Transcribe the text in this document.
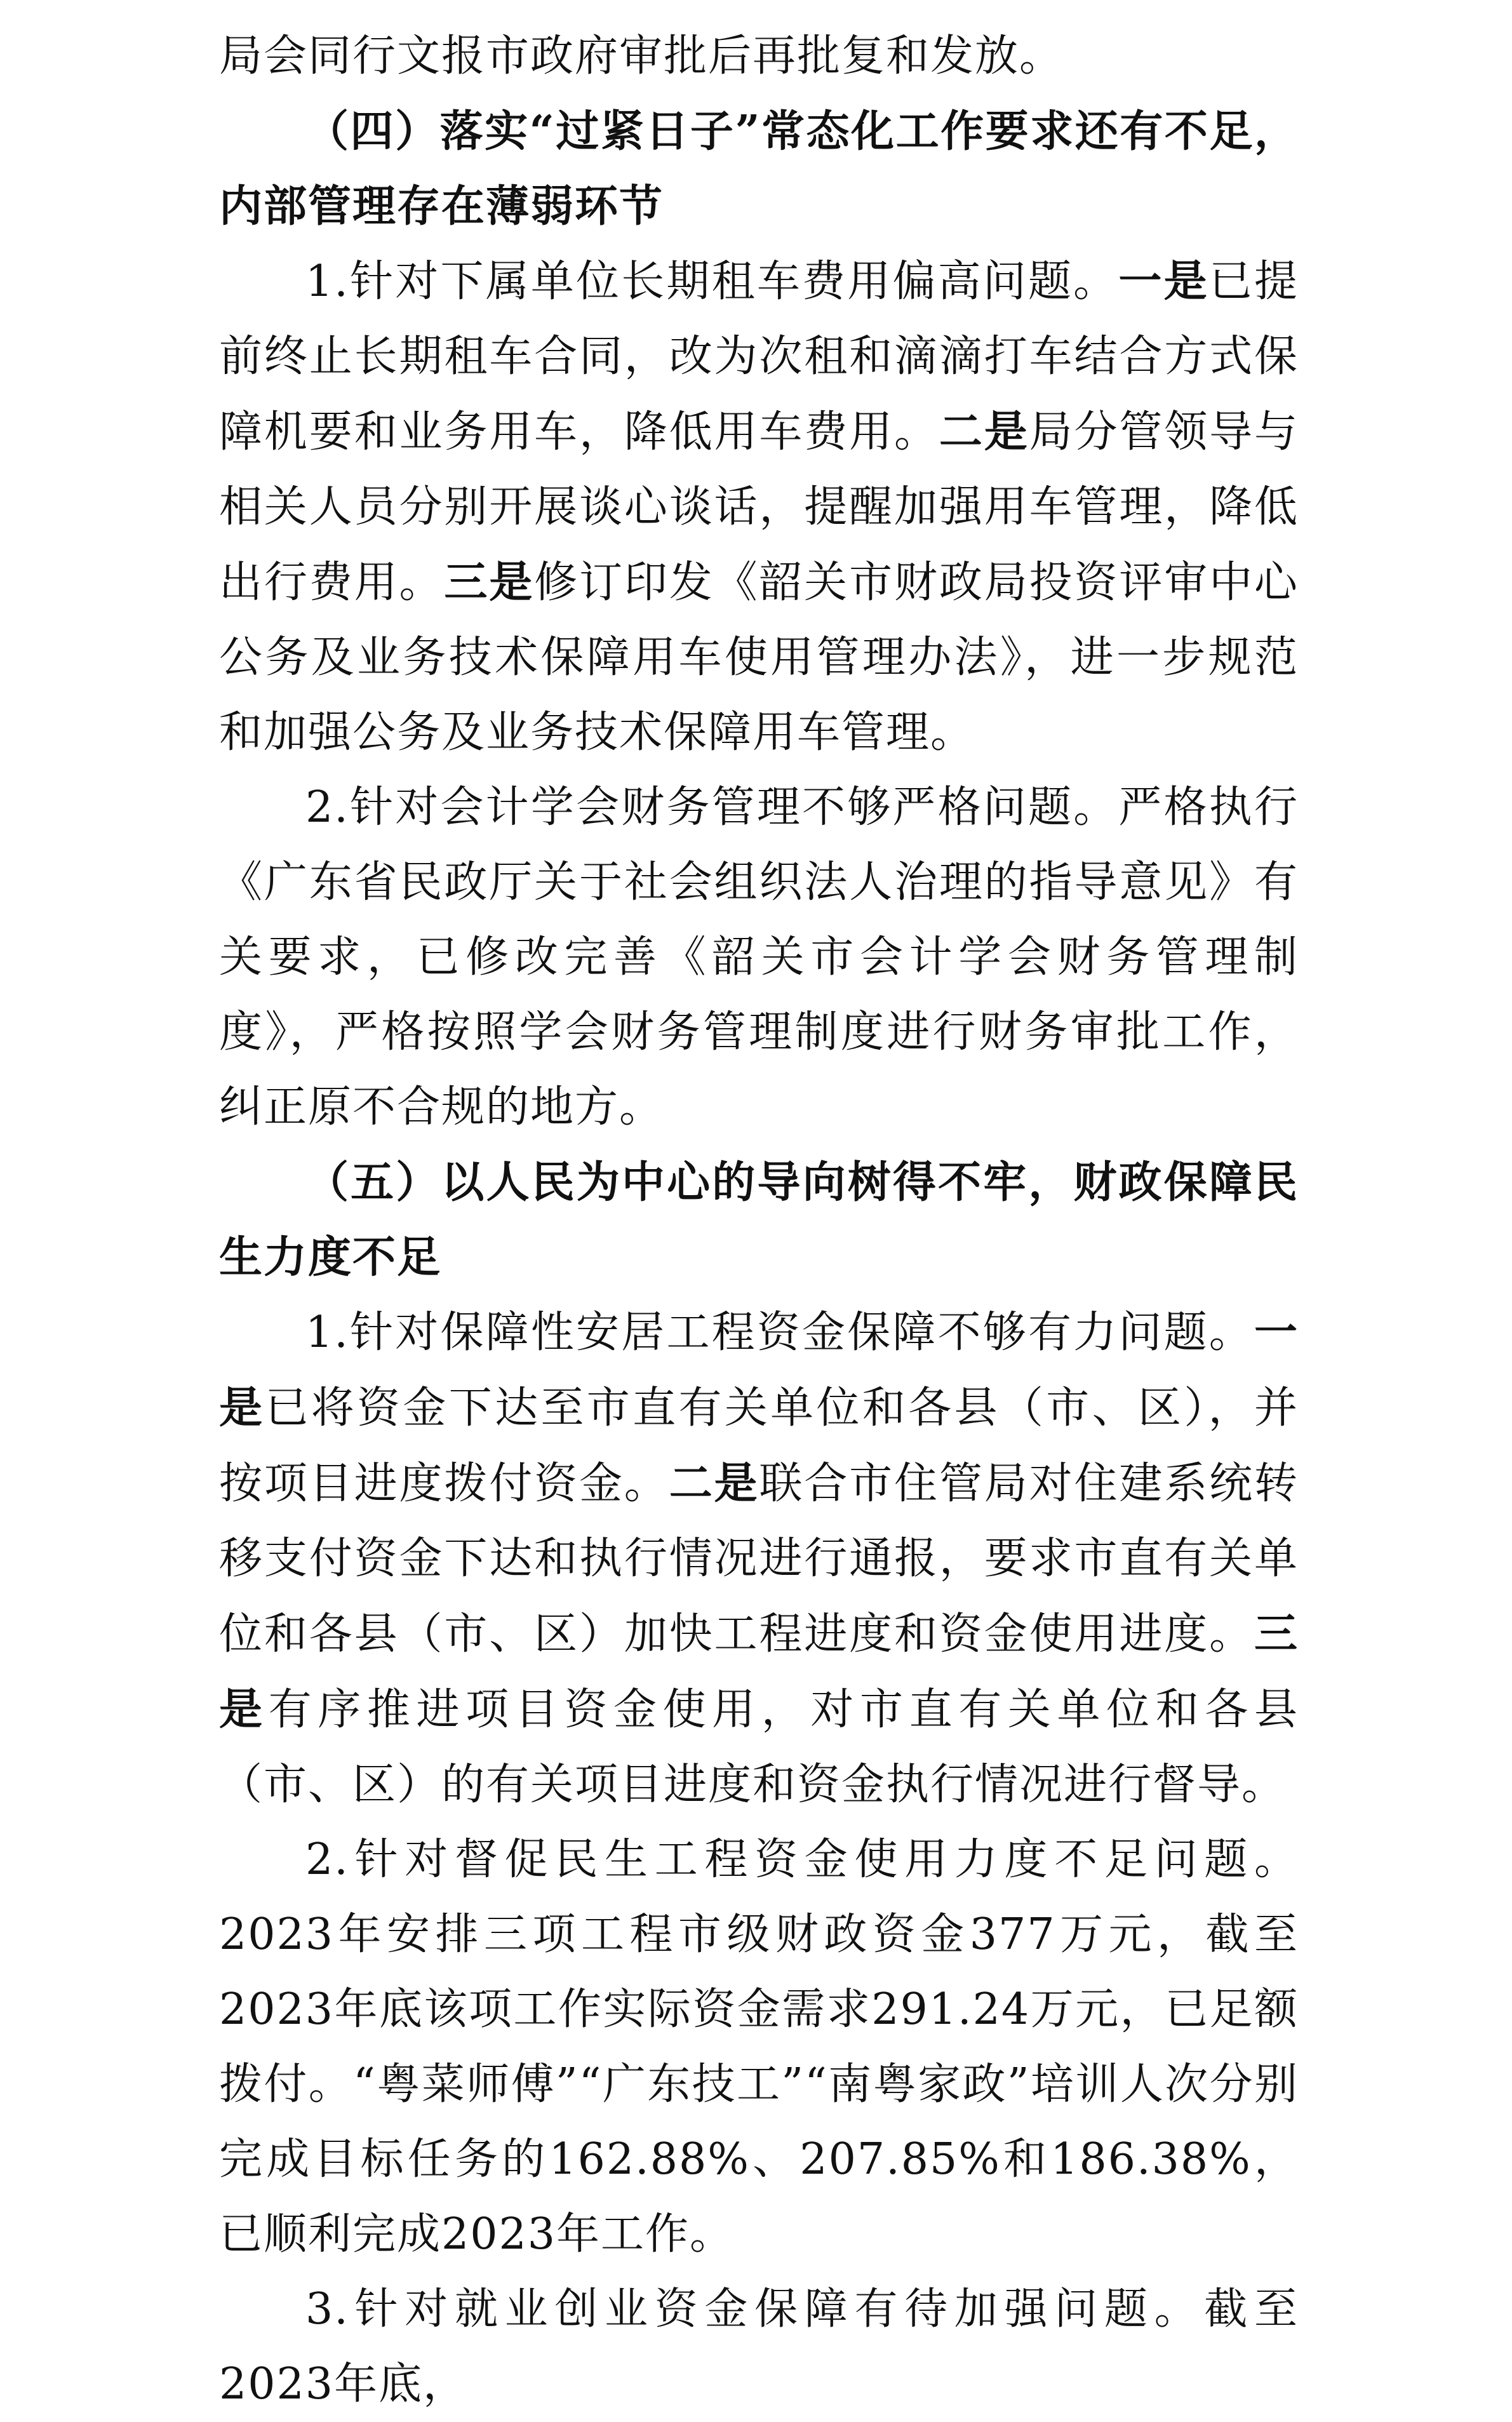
局会同行文报市政府审批后再批复和发放。

（四）落实“过紧日子”常态化工作要求还有不足，内部管理存在薄弱环节

1.针对下属单位长期租车费用偏高问题。一是已提前终止长期租车合同，改为次租和滴滴打车结合方式保障机要和业务用车，降低用车费用。二是局分管领导与相关人员分别开展谈心谈话，提醒加强用车管理，降低出行费用。三是修订印发《韶关市财政局投资评审中心公务及业务技术保障用车使用管理办法》，进一步规范和加强公务及业务技术保障用车管理。

2.针对会计学会财务管理不够严格问题。严格执行《广东省民政厅关于社会组织法人治理的指导意见》有关要求，已修改完善《韶关市会计学会财务管理制度》，严格按照学会财务管理制度进行财务审批工作，纠正原不合规的地方。

（五）以人民为中心的导向树得不牢，财政保障民生力度不足

1.针对保障性安居工程资金保障不够有力问题。一是已将资金下达至市直有关单位和各县（市、区），并按项目进度拨付资金。二是联合市住管局对住建系统转移支付资金下达和执行情况进行通报，要求市直有关单位和各县（市、区）加快工程进度和资金使用进度。三是有序推进项目资金使用，对市直有关单位和各县（市、区）的有关项目进度和资金执行情况进行督导。

2.针对督促民生工程资金使用力度不足问题。2023年安排三项工程市级财政资金377万元，截至2023年底该项工作实际资金需求291.24万元，已足额拨付。“粤菜师傅”“广东技工”“南粤家政”培训人次分别完成目标任务的162.88%、207.85%和186.38%，已顺利完成2023年工作。

3.针对就业创业资金保障有待加强问题。截至2023年底，
